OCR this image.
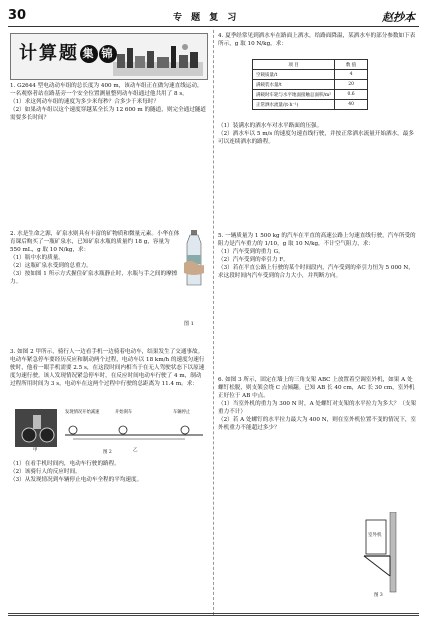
30	专 题 复 习	赵抄本
计算题 集 锦

1. G2644 型电动动车组的总长度为 400 m，该动车组正在做匀速直线运动，一名观察者站在路基旁一个安全位置测量整列动车组通过他共用了 8 s。

（1）求这列动车组的速度为多少米每秒？合多少千米每时？

（2）如果动车组以这个速度穿越某全长为 12 600 m 的隧道，则完全通过隧道需要多长时间？

2. 水是生命之源，矿泉水则具有丰富的矿物质和微量元素。小华在体育课后购买了一瓶矿泉水，已知矿泉水瓶的质量约 18 g，容量为 550 mL，g 取 10 N/kg，求：

（1）瓶中水的质量。

（2）这瓶矿泉水受到的总重力。

（3）按如图 1 所示方式握住矿泉水瓶静止时，水瓶与手之间的摩擦力。

图 1

3. 如图 2 甲所示，骑行人一边看手机一边骑着电动车，结果发生了交通事故。电动车紧急停车要经历反应和制动两个过程，电动车以 18 km/h 的速度匀速行驶时，他看一眼手机需要 2.5 s，在这段时间内相当于在无人驾驶状态下以原速度匀速行驶。该人发现情况紧急停车时，在反应时间电动车行驶了 4 m，制动过程所用时间为 3 s，电动车在这两个过程中行驶的总距离为 11.4 m。求：

发现情况开始减速	开始刹车	车辆停止
甲	乙
图 2

（1）在看手机时间内，电动车行驶的路程。

（2）该骑行人的反应时间。

（3）从发现情况到车辆停止电动车全程的平均速度。

4. 夏季经常见到洒水车在路面上洒水，给路面降温，某洒水车的部分参数如下表所示，g 取 10 N/kg，求：

项 目	数 值
空载质量/t	4
满载装水量/t	20
满载时车轮与水平地面接触总面积/m²	0.6
正常洒水流量/(t·h⁻¹)	40

（1）装满水的洒水车对水平路面的压强。

（2）洒水车以 5 m/s 的速度匀速直线行驶，并按正常洒水流量开始洒水，最多可以连续洒水的路程。

5. 一辆质量为 1 500 kg 的汽车在平直的高速公路上匀速直线行驶，汽车所受的阻力是汽车重力的 1/10，g 取 10 N/kg，不计空气阻力，求：

（1）汽车受到的重力 G。

（2）汽车受到的牵引力 F。

（3）若在平直公路上行驶的某个时间段内，汽车受到的牵引力恒为 5 000 N，求这段时间内汽车受到的合力大小，并判断方向。

6. 如图 3 所示，固定在墙上的三角支架 ABC 上放置着空调室外机，如果 A 处螺钉松脱，则支架会绕 C 点倾翻。已知 AB 长 40 cm，AC 长 30 cm，室外机正好位于 AB 中点。

（1）当室外机的重力为 300 N 时，A 处螺钉对支架的水平拉力为多大？（支架重力不计）

（2）若 A 处螺钉的水平拉力最大为 400 N，则在室外机位置不变的情况下，室外机重力不能超过多少？

室外机
图 3
